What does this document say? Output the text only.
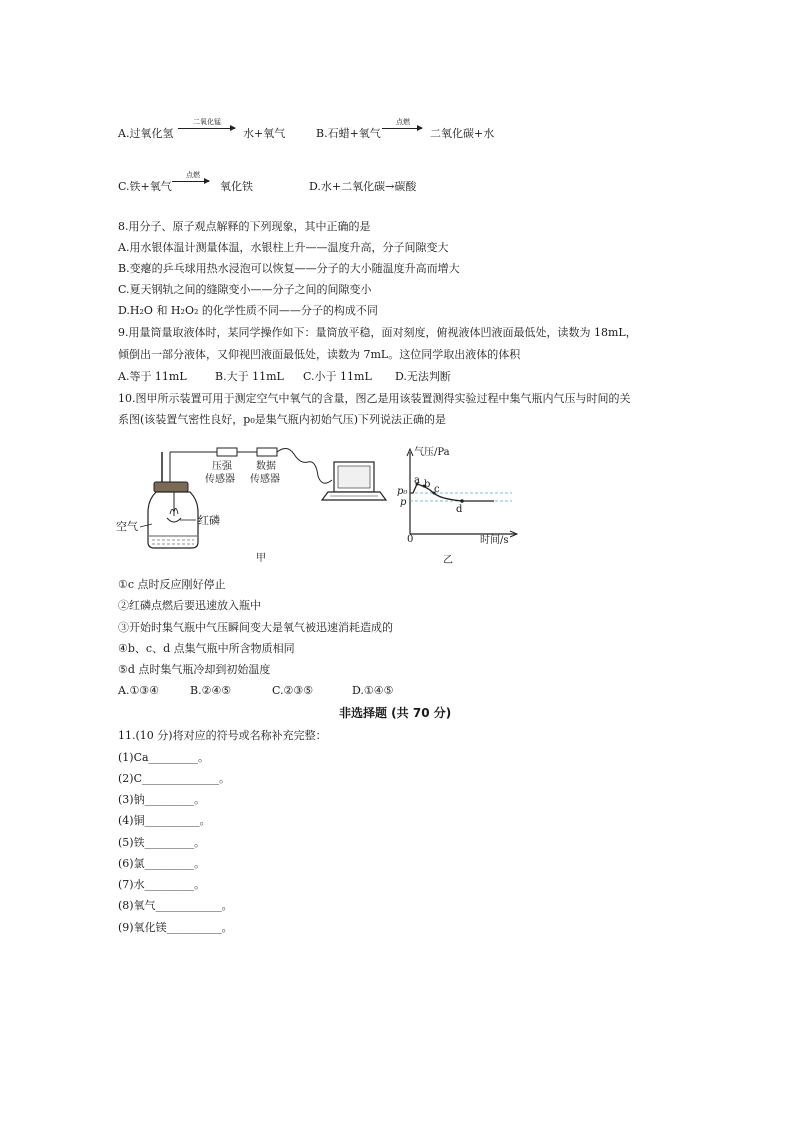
A.过氧化氢
二氧化锰
水+氧气	B.石蜡+氧气
点燃
二氧化碳+水
C.铁+氧气
点燃
氧化铁	D.水+二氧化碳→碳酸
8.用分子、原子观点解释的下列现象，其中正确的是
A.用水银体温计测量体温，水银柱上升——温度升高，分子间隙变大
B.变瘪的乒乓球用热水浸泡可以恢复——分子的大小随温度升高而增大
C.夏天钢轨之间的缝隙变小——分子之间的间隙变小
D.H₂O 和 H₂O₂ 的化学性质不同——分子的构成不同
9.用量筒量取液体时，某同学操作如下：量筒放平稳，面对刻度，俯视液体凹液面最低处，读数为 18mL，
倾倒出一部分液体，又仰视凹液面最低处，读数为 7mL。这位同学取出液体的体积
A.等于 11mL	B.大于 11mL C.小于 11mL D.无法判断
10.图甲所示装置可用于测定空气中氧气的含量，图乙是用该装置测得实验过程中集气瓶内气压与时间的关
系图(该装置气密性良好，p₀是集气瓶内初始气压)下列说法正确的是
压强
传感器
数据
传感器
空气	红磷
甲
气压/Pa
时间/s
0
p₀
p
a b c
d
乙
①c 点时反应刚好停止
②红磷点燃后要迅速放入瓶中
③开始时集气瓶中气压瞬间变大是氧气被迅速消耗造成的
④b、c、d 点集气瓶中所含物质相同
⑤d 点时集气瓶冷却到初始温度
A.①③④	B.②④⑤	C.②③⑤	D.①④⑤
非选择题 (共 70 分)
11.(10 分)将对应的符号或名称补充完整：
(1)Ca_________。
(2)C______________。
(3)钠_________。
(4)铜__________。
(5)铁_________。
(6)氯_________。
(7)水_________。
(8)氧气____________。
(9)氧化镁__________。
